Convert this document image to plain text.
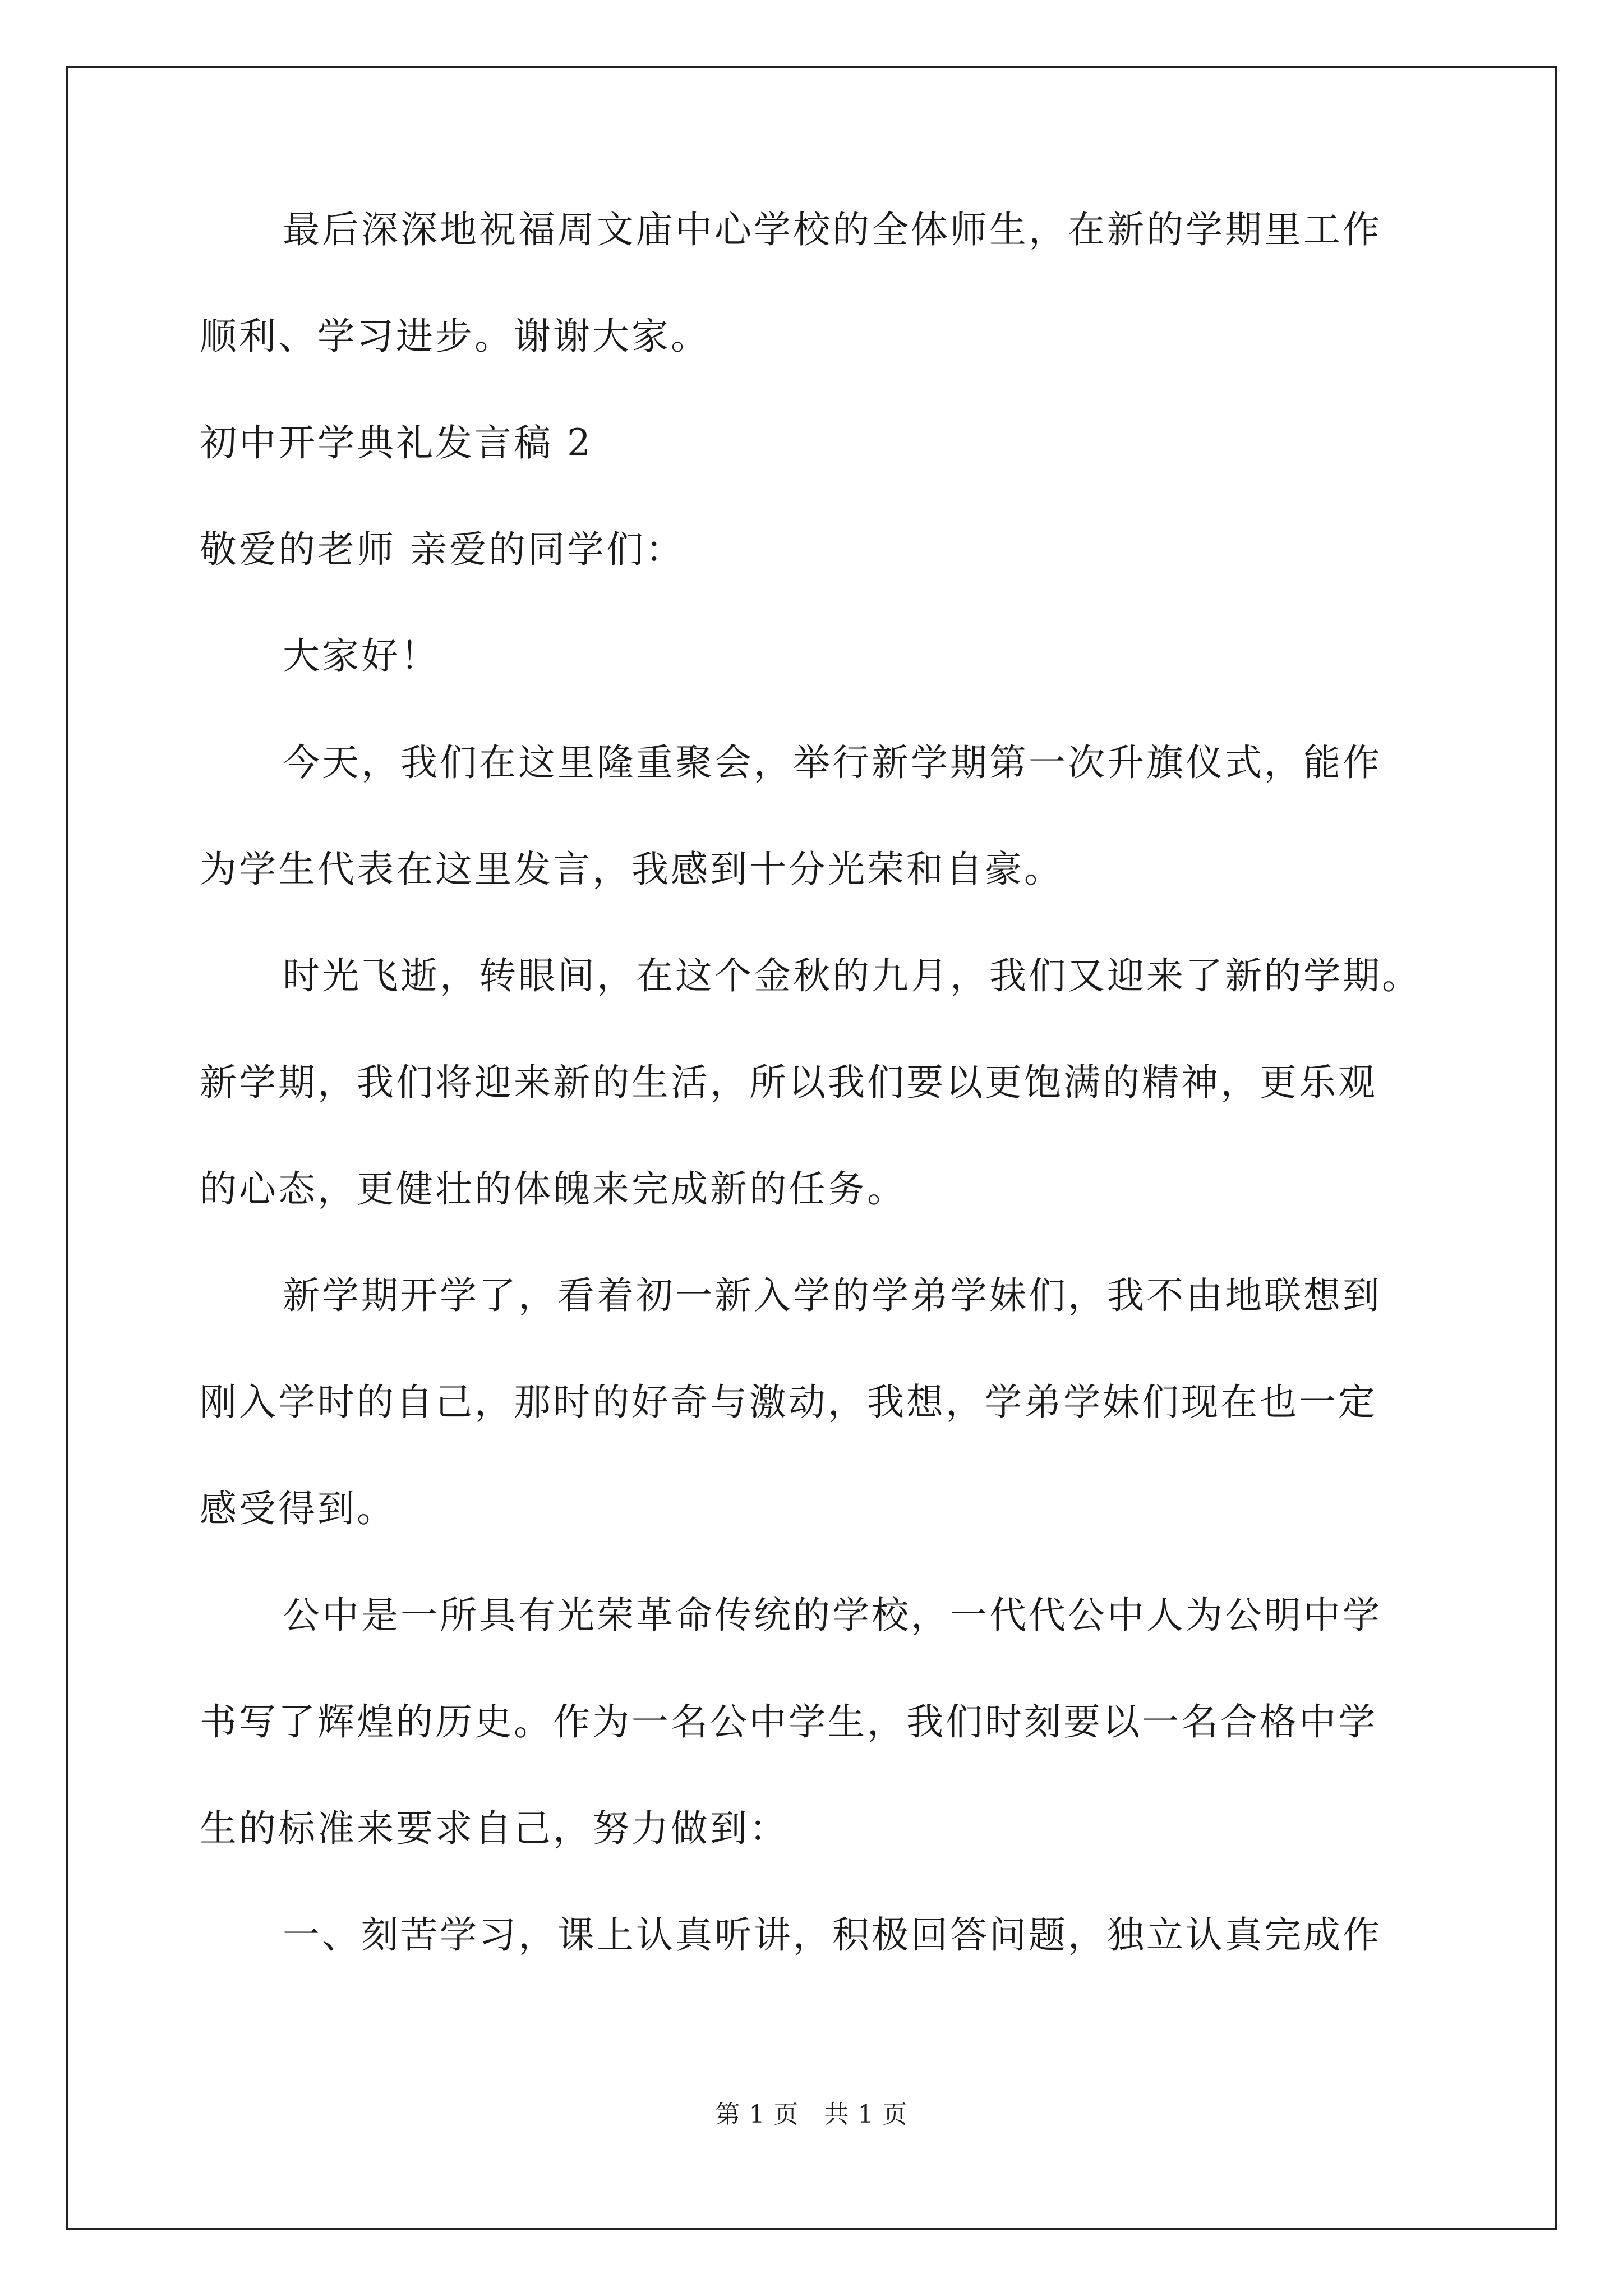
最后深深地祝福周文庙中心学校的全体师生，在新的学期里工作
顺利、学习进步。谢谢大家。
初中开学典礼发言稿 2
敬爱的老师 亲爱的同学们：
大家好！
今天，我们在这里隆重聚会，举行新学期第一次升旗仪式，能作
为学生代表在这里发言，我感到十分光荣和自豪。
时光飞逝，转眼间，在这个金秋的九月，我们又迎来了新的学期。
新学期，我们将迎来新的生活，所以我们要以更饱满的精神，更乐观
的心态，更健壮的体魄来完成新的任务。
新学期开学了，看着初一新入学的学弟学妹们，我不由地联想到
刚入学时的自己，那时的好奇与激动，我想，学弟学妹们现在也一定
感受得到。
公中是一所具有光荣革命传统的学校，一代代公中人为公明中学
书写了辉煌的历史。作为一名公中学生，我们时刻要以一名合格中学
生的标准来要求自己，努力做到：
一、刻苦学习，课上认真听讲，积极回答问题，独立认真完成作
第 1 页　共 1 页
